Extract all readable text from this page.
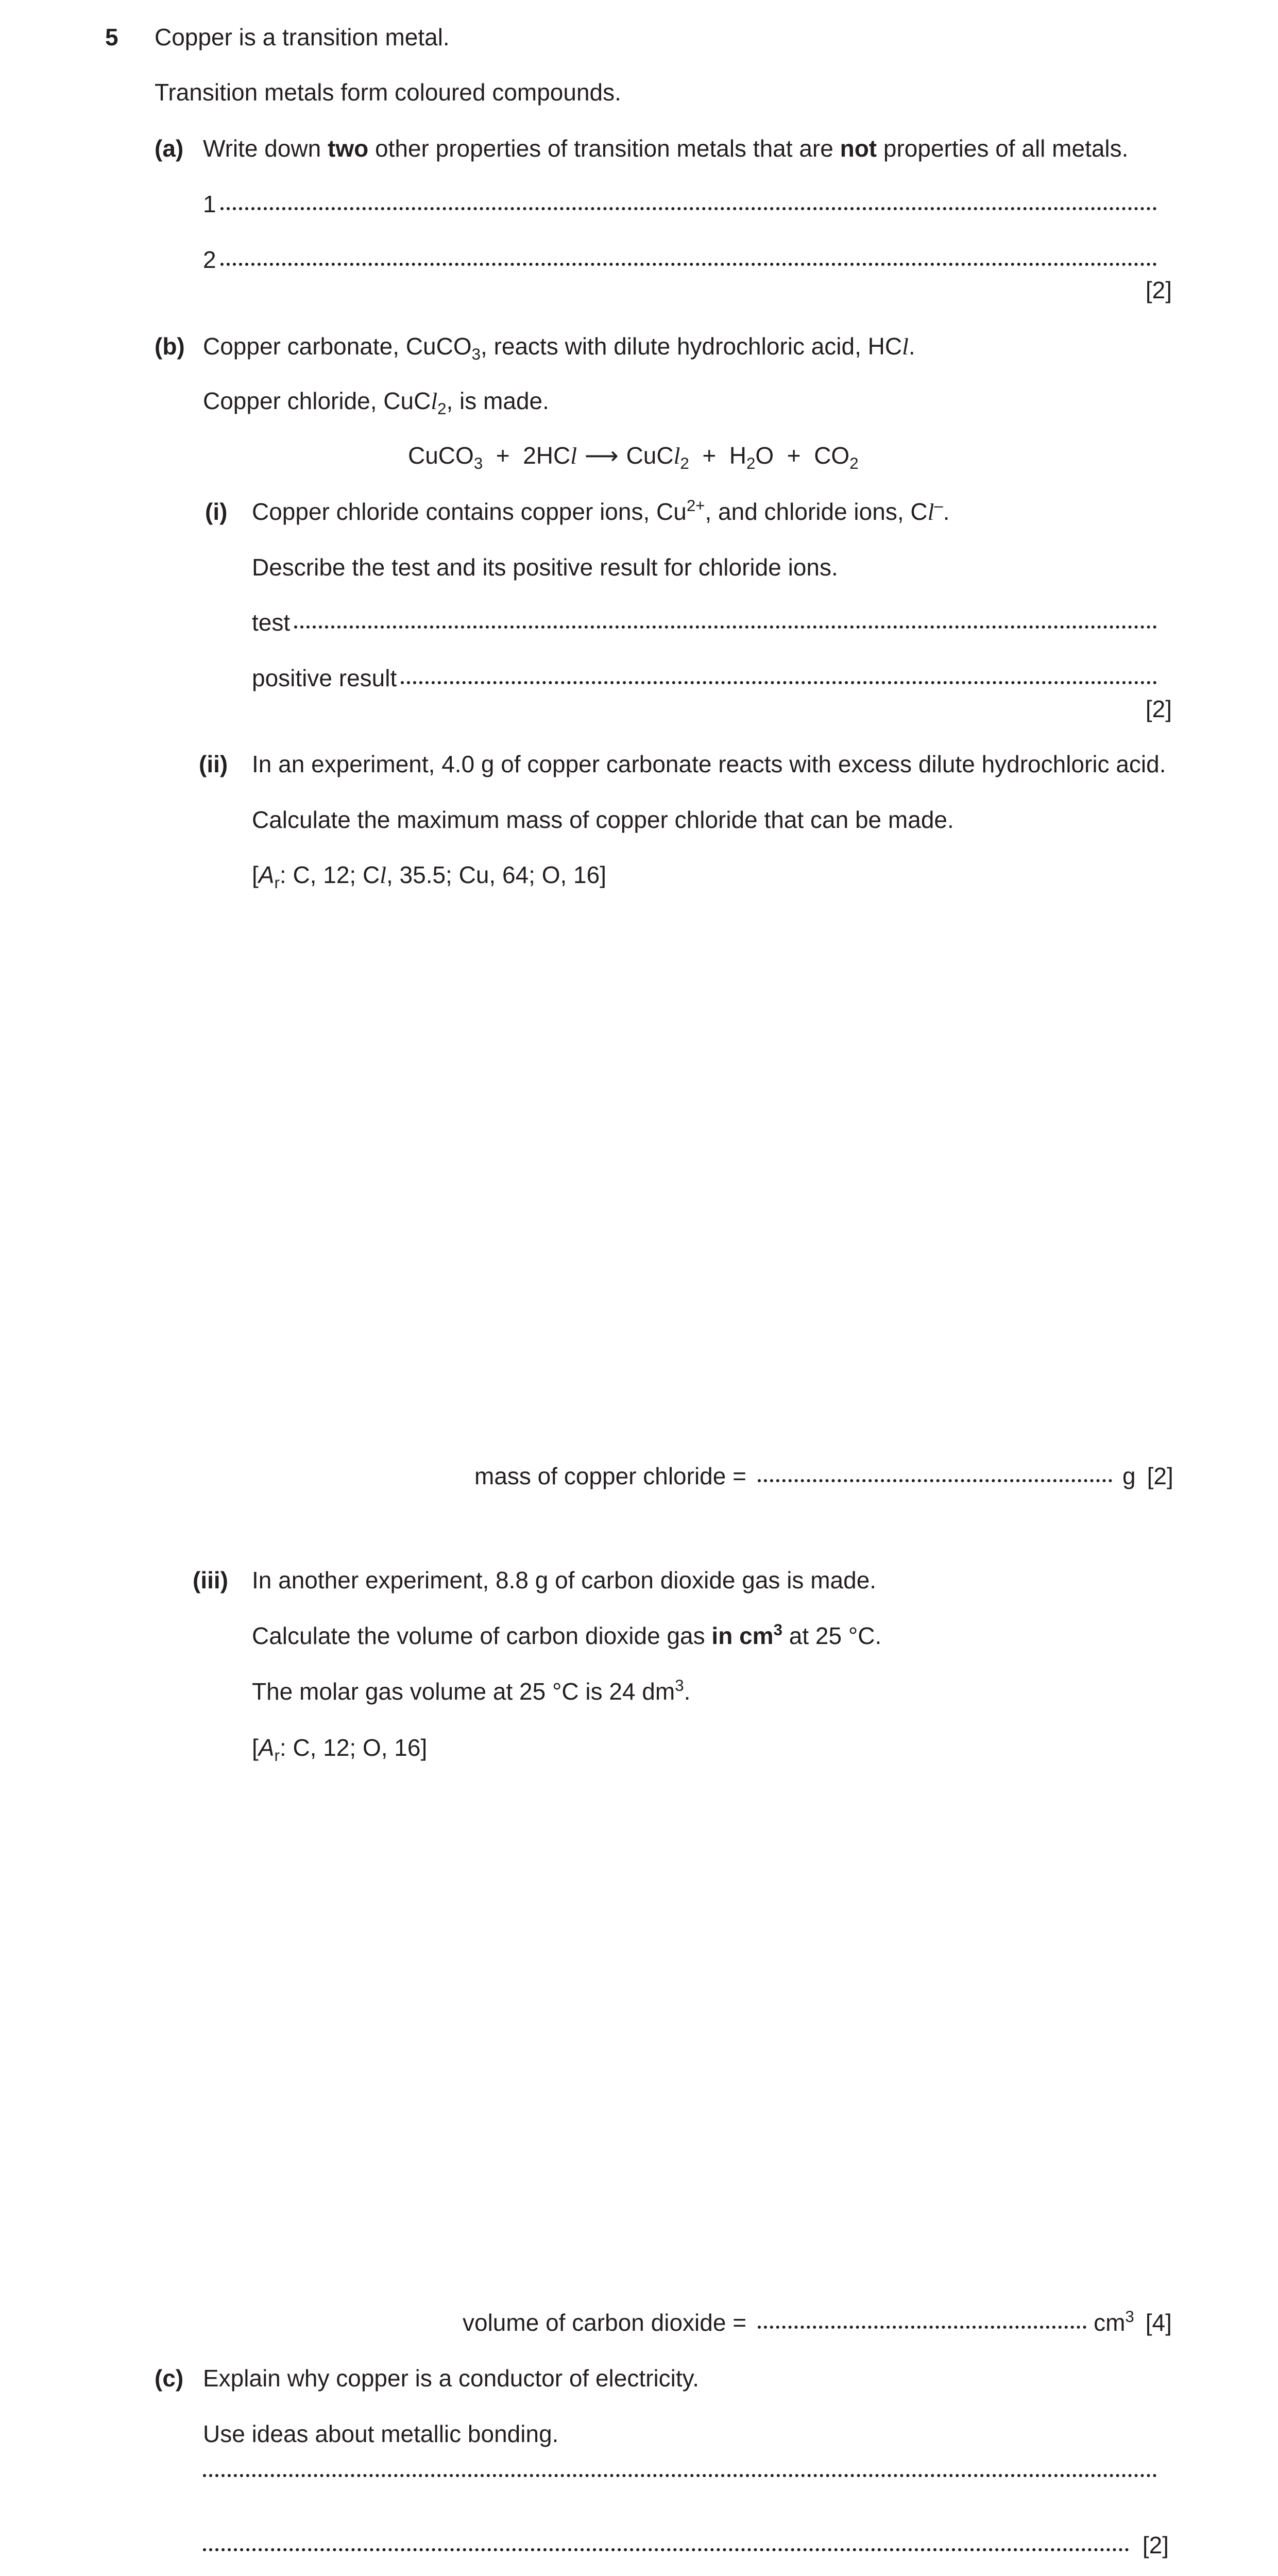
5 Copper is a transition metal.
Transition metals form coloured compounds.
(a) Write down two other properties of transition metals that are not properties of all metals.
1
2
[2]
(b) Copper carbonate, CuCO$_3$, reacts with dilute hydrochloric acid, HCl.
Copper chloride, CuCl$_2$, is made.
CuCO$_3$ + 2HCl ⟶ CuCl$_2$ + $H_2O + CO_2$
(i) Copper chloride contains copper ions, $Cu^{2+}$, and chloride ions, Cl–.
Describe the test and its positive result for chloride ions.
test
positive result
[2]
(ii) In an experiment, 4.0 g of copper carbonate reacts with excess dilute hydrochloric acid.
Calculate the maximum mass of copper chloride that can be made.
[$A_r$: C, 12; Cl, 35.5; Cu, 64; O, 16]
mass of copper chloride =	g [2]
(iii) In another experiment, 8.8 g of carbon dioxide gas is made.
Calculate the volume of carbon dioxide gas in $cm^3$ at 25 °C.
The molar gas volume at 25 °C is 24 $dm^3$.
[$A_r$: C, 12; O, 16]
volume of carbon dioxide =	$cm^3$ [4]
(c) Explain why copper is a conductor of electricity.
Use ideas about metallic bonding.
[2]
